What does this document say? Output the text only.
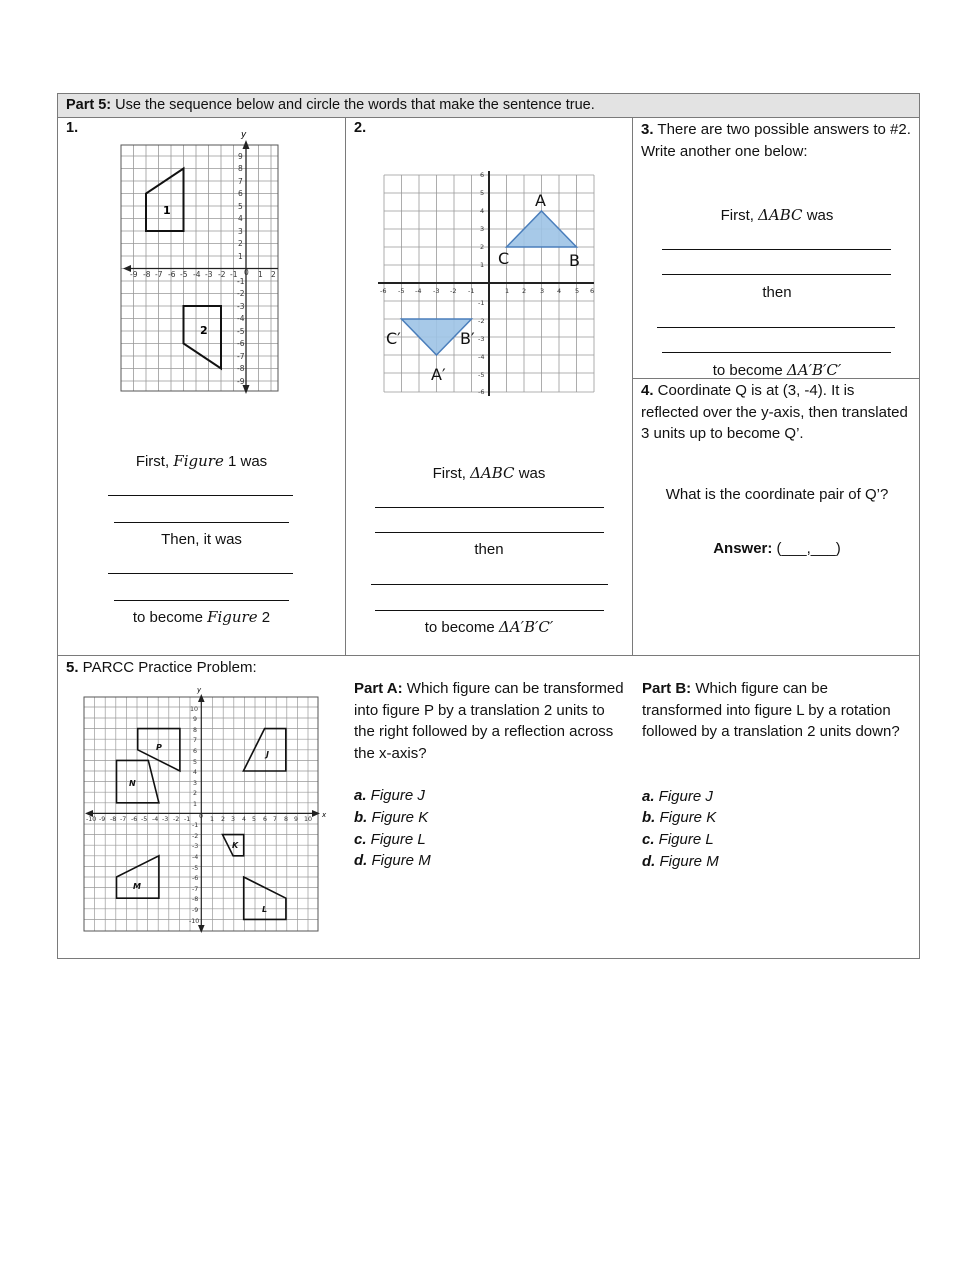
Part 5: Use the sequence below and circle the words that make the sentence true.
1.	y
-9 -8 -7 -6 -5 -4 -3 -2 -1 0 1 2
9
8
7
6
5
4
3
2
1
-1
-2
-3
-4
-5
-6
-7
-8
-9
1
2
First, Figure 1 was
Then, it was
to become Figure 2
2.
-6 -5 -4 -3 -2 -1	1 2 3 4 5 6
6
5
4
3
2
1
-1
-2
-3
-4
-5
-6
A
B
C
A′
B′
C′
First, ΔABC was
then
to become ΔA′B′C′
3. There are two possible answers to #2. Write another one below:
First, ΔABC was
then
to become ΔA′B′C′
4. Coordinate Q is at (3, -4). It is reflected over the y-axis, then translated 3 units up to become Q’.
What is the coordinate pair of Q’?
Answer: (___,___)
5. PARCC Practice Problem:
y
x
-10 -9 -8 -7 -6 -5 -4 -3 -2 -1 0 1 2 3 4 5 6 7 8 9 10
10
9
8
7
6
5
4
3
2
1
-1
-2
-3
-4
-5
-6
-7
-8
-9
-10
P
J
N
K
M
L
Part A: Which figure can be transformed into figure P by a translation 2 units to the right followed by a reflection across the x-axis?
a. Figure J
b. Figure K
c. Figure L
d. Figure M
Part B: Which figure can be transformed into figure L by a rotation followed by a translation 2 units down?
a. Figure J
b. Figure K
c. Figure L
d. Figure M
